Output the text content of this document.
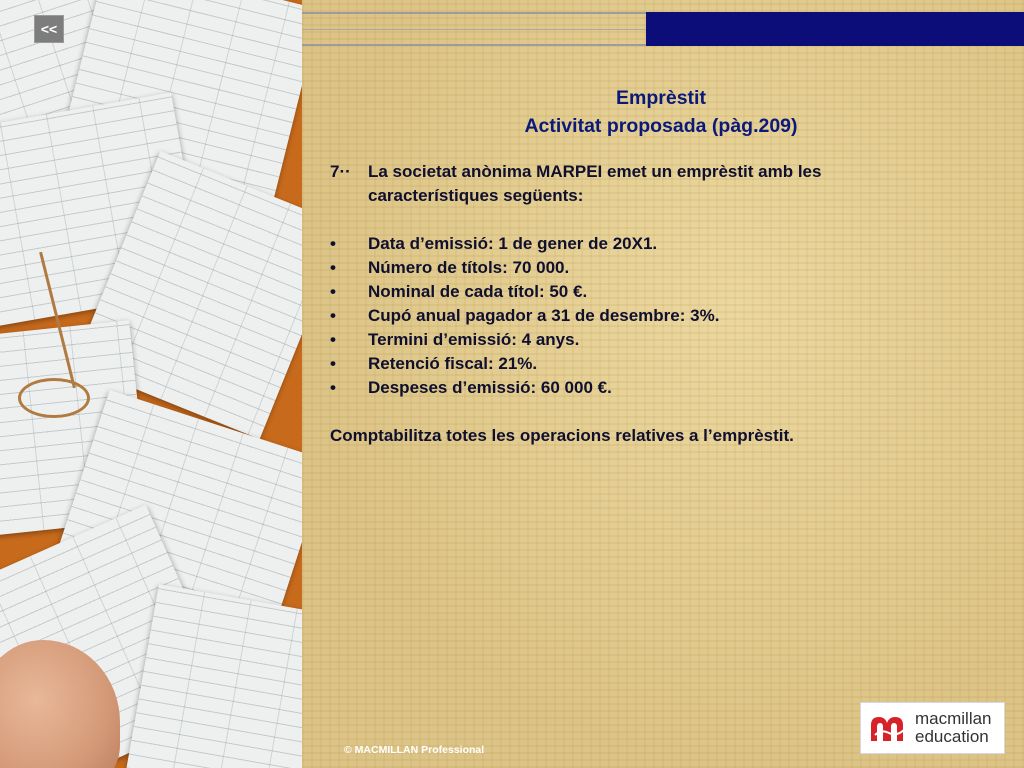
<<
Emprèstit
Activitat proposada (pàg.209)
7··	La societat anònima MARPEI emet un emprèstit amb les característiques següents:
•	Data d’emissió: 1 de gener de 20X1.
•	Número de títols: 70 000.
•	Nominal de cada títol: 50 €.
•	Cupó anual pagador a 31 de desembre: 3%.
•	Termini d’emissió: 4 anys.
•	Retenció fiscal: 21%.
•	Despeses d’emissió: 60 000 €.
Comptabilitza totes les operacions relatives a l’emprèstit.
© MACMILLAN Professional
macmillan
education
